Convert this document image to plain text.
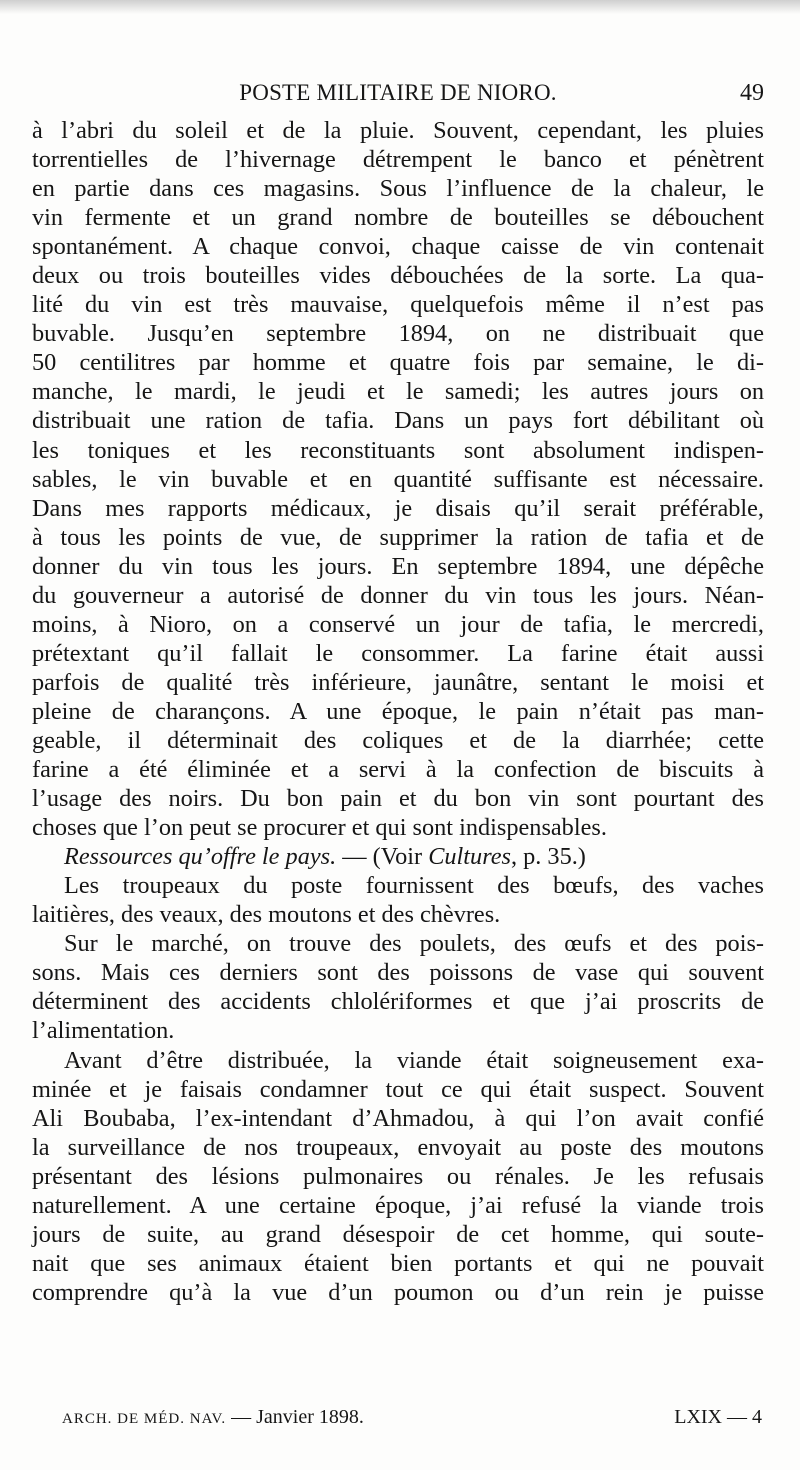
POSTE MILITAIRE DE NIORO.	49
à l’abri du soleil et de la pluie. Souvent, cependant, les pluies
torrentielles de l’hivernage détrempent le banco et pénètrent
en partie dans ces magasins. Sous l’influence de la chaleur, le
vin fermente et un grand nombre de bouteilles se débouchent
spontanément. A chaque convoi, chaque caisse de vin contenait
deux ou trois bouteilles vides débouchées de la sorte. La qua-
lité du vin est très mauvaise, quelquefois même il n’est pas
buvable. Jusqu’en septembre 1894, on ne distribuait que
50 centilitres par homme et quatre fois par semaine, le di-
manche, le mardi, le jeudi et le samedi; les autres jours on
distribuait une ration de tafia. Dans un pays fort débilitant où
les toniques et les reconstituants sont absolument indispen-
sables, le vin buvable et en quantité suffisante est nécessaire.
Dans mes rapports médicaux, je disais qu’il serait préférable,
à tous les points de vue, de supprimer la ration de tafia et de
donner du vin tous les jours. En septembre 1894, une dépêche
du gouverneur a autorisé de donner du vin tous les jours. Néan-
moins, à Nioro, on a conservé un jour de tafia, le mercredi,
prétextant qu’il fallait le consommer. La farine était aussi
parfois de qualité très inférieure, jaunâtre, sentant le moisi et
pleine de charançons. A une époque, le pain n’était pas man-
geable, il déterminait des coliques et de la diarrhée; cette
farine a été éliminée et a servi à la confection de biscuits à
l’usage des noirs. Du bon pain et du bon vin sont pourtant des
choses que l’on peut se procurer et qui sont indispensables.
Ressources qu’offre le pays. — (Voir Cultures, p. 35.)
Les troupeaux du poste fournissent des bœufs, des vaches
laitières, des veaux, des moutons et des chèvres.
Sur le marché, on trouve des poulets, des œufs et des pois-
sons. Mais ces derniers sont des poissons de vase qui souvent
déterminent des accidents chlolériformes et que j’ai proscrits de
l’alimentation.
Avant d’être distribuée, la viande était soigneusement exa-
minée et je faisais condamner tout ce qui était suspect. Souvent
Ali Boubaba, l’ex-intendant d’Ahmadou, à qui l’on avait confié
la surveillance de nos troupeaux, envoyait au poste des moutons
présentant des lésions pulmonaires ou rénales. Je les refusais
naturellement. A une certaine époque, j’ai refusé la viande trois
jours de suite, au grand désespoir de cet homme, qui soute-
nait que ses animaux étaient bien portants et qui ne pouvait
comprendre qu’à la vue d’un poumon ou d’un rein je puisse
ARCH. DE MÉD. NAV. — Janvier 1898.	LXIX — 4
